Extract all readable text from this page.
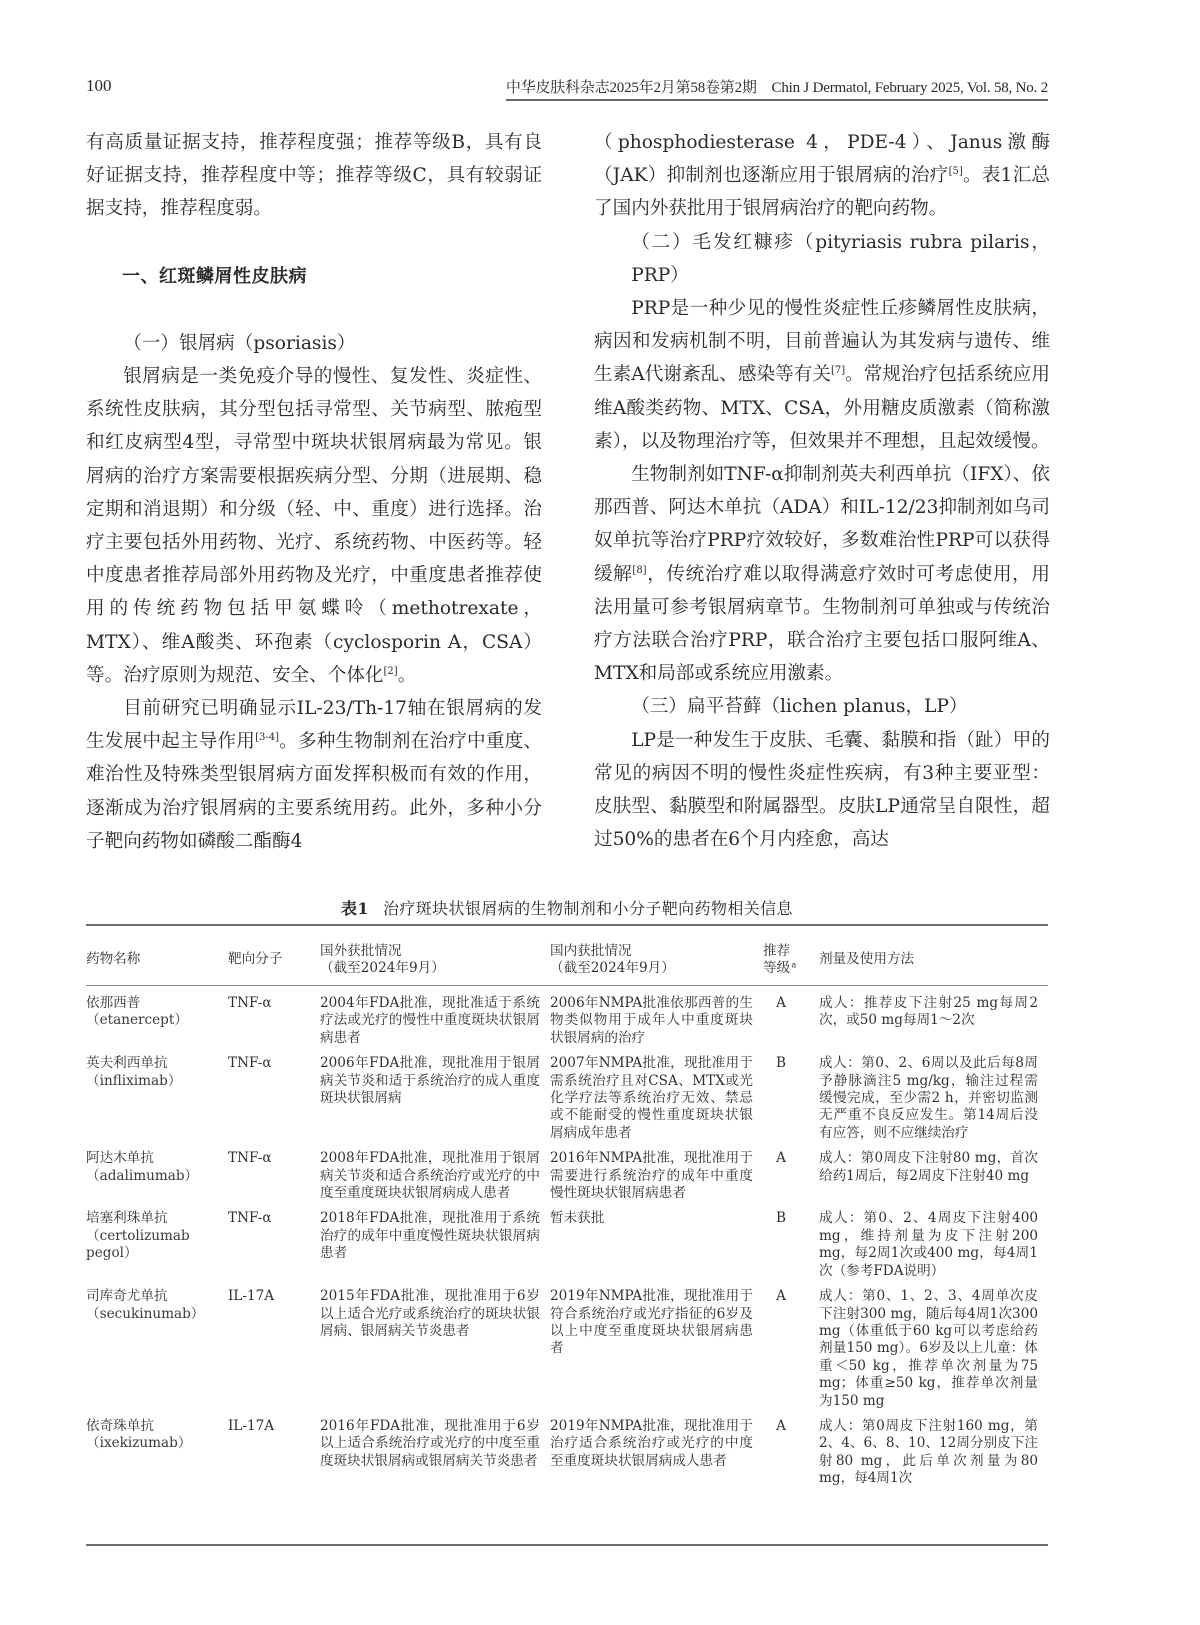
100	中华皮肤科杂志2025年2月第58卷第2期　Chin J Dermatol, February 2025, Vol. 58, No. 2

有高质量证据支持，推荐程度强；推荐等级B，具有良好证据支持，推荐程度中等；推荐等级C，具有较弱证据支持，推荐程度弱。

一、红斑鳞屑性皮肤病

（一）银屑病（psoriasis）

银屑病是一类免疫介导的慢性、复发性、炎症性、系统性皮肤病，其分型包括寻常型、关节病型、脓疱型和红皮病型4型，寻常型中斑块状银屑病最为常见。银屑病的治疗方案需要根据疾病分型、分期（进展期、稳定期和消退期）和分级（轻、中、重度）进行选择。治疗主要包括外用药物、光疗、系统药物、中医药等。轻中度患者推荐局部外用药物及光疗，中重度患者推荐使用的传统药物包括甲氨蝶呤（methotrexate，MTX）、维A酸类、环孢素（cyclosporin A，CSA）等。治疗原则为规范、安全、个体化[2]。

目前研究已明确显示IL-23/Th-17轴在银屑病的发生发展中起主导作用[3-4]。多种生物制剂在治疗中重度、难治性及特殊类型银屑病方面发挥积极而有效的作用，逐渐成为治疗银屑病的主要系统用药。此外，多种小分子靶向药物如磷酸二酯酶4

（phosphodiesterase 4，PDE-4）、Janus激酶（JAK）抑制剂也逐渐应用于银屑病的治疗[5]。表1汇总了国内外获批用于银屑病治疗的靶向药物。

（二）毛发红糠疹（pityriasis rubra pilaris，PRP）

PRP是一种少见的慢性炎症性丘疹鳞屑性皮肤病，病因和发病机制不明，目前普遍认为其发病与遗传、维生素A代谢紊乱、感染等有关[7]。常规治疗包括系统应用维A酸类药物、MTX、CSA，外用糖皮质激素（简称激素），以及物理治疗等，但效果并不理想，且起效缓慢。

生物制剂如TNF-α抑制剂英夫利西单抗（IFX）、依那西普、阿达木单抗（ADA）和IL-12/23抑制剂如乌司奴单抗等治疗PRP疗效较好，多数难治性PRP可以获得缓解[8]，传统治疗难以取得满意疗效时可考虑使用，用法用量可参考银屑病章节。生物制剂可单独或与传统治疗方法联合治疗PRP，联合治疗主要包括口服阿维A、MTX和局部或系统应用激素。

（三）扁平苔藓（lichen planus，LP）

LP是一种发生于皮肤、毛囊、黏膜和指（趾）甲的常见的病因不明的慢性炎症性疾病，有3种主要亚型：皮肤型、黏膜型和附属器型。皮肤LP通常呈自限性，超过50%的患者在6个月内痊愈，高达

表1 治疗斑块状银屑病的生物制剂和小分子靶向药物相关信息
药物名称	靶向分子	国外获批情况
（截至2024年9月）	国内获批情况
（截至2024年9月）	推荐等级$^a$	剂量及使用方法
依那西普
（etanercept）	TNF-α	2004年FDA批准，现批准适于系统疗法或光疗的慢性中重度斑块状银屑病患者	2006年NMPA批准依那西普的生物类似物用于成年人中重度斑块状银屑病的治疗	A	成人：推荐皮下注射25 mg每周2次，或50 mg每周1～2次
英夫利西单抗
（infliximab）	TNF-α	2006年FDA批准，现批准用于银屑病关节炎和适于系统治疗的成人重度斑块状银屑病	2007年NMPA批准，现批准用于需系统治疗且对CSA、MTX或光化学疗法等系统治疗无效、禁忌或不能耐受的慢性重度斑块状银屑病成年患者	B	成人：第0、2、6周以及此后每8周予静脉滴注5 mg/kg，输注过程需缓慢完成，至少需2 h，并密切监测无严重不良反应发生。第14周后没有应答，则不应继续治疗
阿达木单抗
（adalimumab）	TNF-α	2008年FDA批准，现批准用于银屑病关节炎和适合系统治疗或光疗的中度至重度斑块状银屑病成人患者	2016年NMPA批准，现批准用于需要进行系统治疗的成年中重度慢性斑块状银屑病患者	A	成人：第0周皮下注射80 mg，首次给药1周后，每2周皮下注射40 mg
培塞利珠单抗
（certolizumab pegol）	TNF-α	2018年FDA批准，现批准用于系统治疗的成年中重度慢性斑块状银屑病患者	暂未获批	B	成人：第0、2、4周皮下注射400 mg，维持剂量为皮下注射200 mg，每2周1次或400 mg，每4周1次（参考FDA说明）
司库奇尤单抗
（secukinumab）	IL-17A	2015年FDA批准，现批准用于6岁以上适合光疗或系统治疗的斑块状银屑病、银屑病关节炎患者	2019年NMPA批准，现批准用于符合系统治疗或光疗指征的6岁及以上中度至重度斑块状银屑病患者	A	成人：第0、1、2、3、4周单次皮下注射300 mg，随后每4周1次300 mg（体重低于60 kg可以考虑给药剂量150 mg）。6岁及以上儿童：体重＜50 kg，推荐单次剂量为75 mg；体重≥50 kg，推荐单次剂量为150 mg
依奇珠单抗
（ixekizumab）	IL-17A	2016年FDA批准，现批准用于6岁以上适合系统治疗或光疗的中度至重度斑块状银屑病或银屑病关节炎患者	2019年NMPA批准，现批准用于治疗适合系统治疗或光疗的中度至重度斑块状银屑病成人患者	A	成人：第0周皮下注射160 mg，第2、4、6、8、10、12周分别皮下注射80 mg，此后单次剂量为80 mg，每4周1次
